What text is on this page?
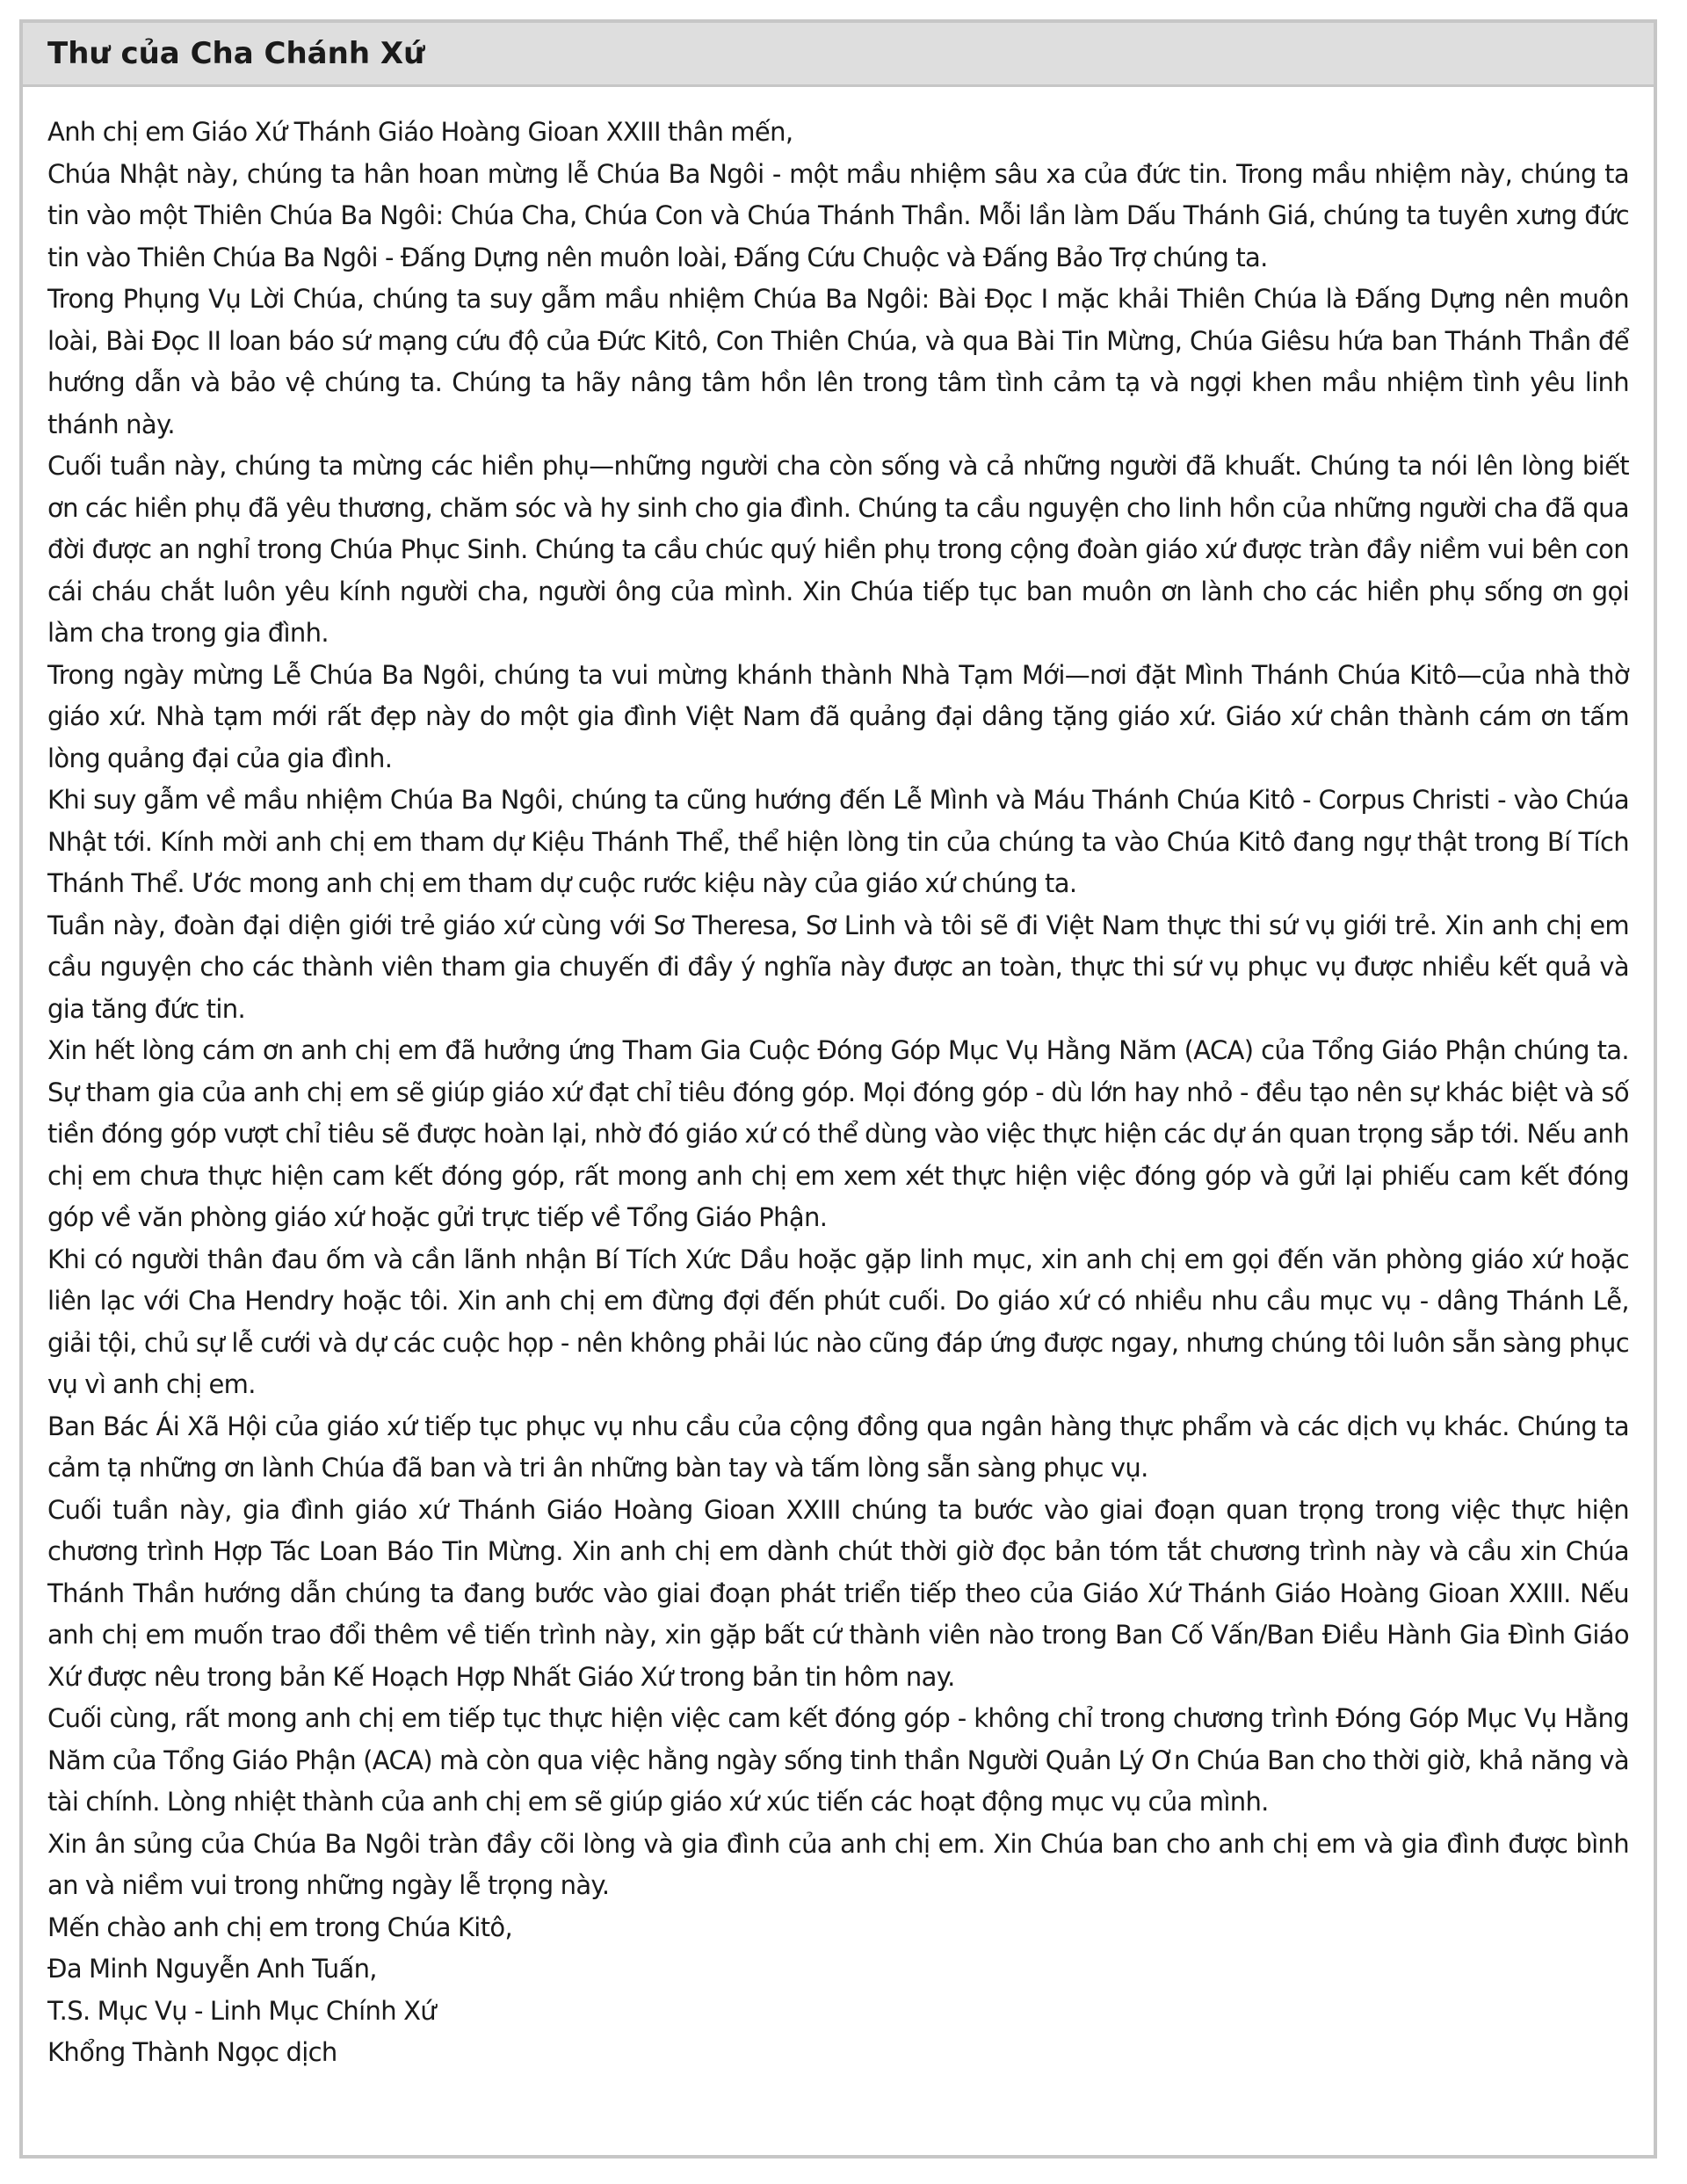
Thư của Cha Chánh Xứ

Anh chị em Giáo Xứ Thánh Giáo Hoàng Gioan XXIII thân mến,

Chúa Nhật này, chúng ta hân hoan mừng lễ Chúa Ba Ngôi - một mầu nhiệm sâu xa của đức tin. Trong mầu nhiệm này, chúng ta tin vào một Thiên Chúa Ba Ngôi: Chúa Cha, Chúa Con và Chúa Thánh Thần. Mỗi lần làm Dấu Thánh Giá, chúng ta tuyên xưng đức tin vào Thiên Chúa Ba Ngôi - Đấng Dựng nên muôn loài, Đấng Cứu Chuộc và Đấng Bảo Trợ chúng ta.

Trong Phụng Vụ Lời Chúa, chúng ta suy gẫm mầu nhiệm Chúa Ba Ngôi: Bài Đọc I mặc khải Thiên Chúa là Đấng Dựng nên muôn loài, Bài Đọc II loan báo sứ mạng cứu độ của Đức Kitô, Con Thiên Chúa, và qua Bài Tin Mừng, Chúa Giêsu hứa ban Thánh Thần để hướng dẫn và bảo vệ chúng ta. Chúng ta hãy nâng tâm hồn lên trong tâm tình cảm tạ và ngợi khen mầu nhiệm tình yêu linh thánh này.

Cuối tuần này, chúng ta mừng các hiền phụ—những người cha còn sống và cả những người đã khuất. Chúng ta nói lên lòng biết ơn các hiền phụ đã yêu thương, chăm sóc và hy sinh cho gia đình. Chúng ta cầu nguyện cho linh hồn của những người cha đã qua đời được an nghỉ trong Chúa Phục Sinh. Chúng ta cầu chúc quý hiền phụ trong cộng đoàn giáo xứ được tràn đầy niềm vui bên con cái cháu chắt luôn yêu kính người cha, người ông của mình. Xin Chúa tiếp tục ban muôn ơn lành cho các hiền phụ sống ơn gọi làm cha trong gia đình.

Trong ngày mừng Lễ Chúa Ba Ngôi, chúng ta vui mừng khánh thành Nhà Tạm Mới—nơi đặt Mình Thánh Chúa Kitô—của nhà thờ giáo xứ. Nhà tạm mới rất đẹp này do một gia đình Việt Nam đã quảng đại dâng tặng giáo xứ. Giáo xứ chân thành cám ơn tấm lòng quảng đại của gia đình.

Khi suy gẫm về mầu nhiệm Chúa Ba Ngôi, chúng ta cũng hướng đến Lễ Mình và Máu Thánh Chúa Kitô - Corpus Christi - vào Chúa Nhật tới. Kính mời anh chị em tham dự Kiệu Thánh Thể, thể hiện lòng tin của chúng ta vào Chúa Kitô đang ngự thật trong Bí Tích Thánh Thể. Ước mong anh chị em tham dự cuộc rước kiệu này của giáo xứ chúng ta.

Tuần này, đoàn đại diện giới trẻ giáo xứ cùng với Sơ Theresa, Sơ Linh và tôi sẽ đi Việt Nam thực thi sứ vụ giới trẻ. Xin anh chị em cầu nguyện cho các thành viên tham gia chuyến đi đầy ý nghĩa này được an toàn, thực thi sứ vụ phục vụ được nhiều kết quả và gia tăng đức tin.

Xin hết lòng cám ơn anh chị em đã hưởng ứng Tham Gia Cuộc Đóng Góp Mục Vụ Hằng Năm (ACA) của Tổng Giáo Phận chúng ta. Sự tham gia của anh chị em sẽ giúp giáo xứ đạt chỉ tiêu đóng góp. Mọi đóng góp - dù lớn hay nhỏ - đều tạo nên sự khác biệt và số tiền đóng góp vượt chỉ tiêu sẽ được hoàn lại, nhờ đó giáo xứ có thể dùng vào việc thực hiện các dự án quan trọng sắp tới. Nếu anh chị em chưa thực hiện cam kết đóng góp, rất mong anh chị em xem xét thực hiện việc đóng góp và gửi lại phiếu cam kết đóng góp về văn phòng giáo xứ hoặc gửi trực tiếp về Tổng Giáo Phận.

Khi có người thân đau ốm và cần lãnh nhận Bí Tích Xức Dầu hoặc gặp linh mục, xin anh chị em gọi đến văn phòng giáo xứ hoặc liên lạc với Cha Hendry hoặc tôi. Xin anh chị em đừng đợi đến phút cuối. Do giáo xứ có nhiều nhu cầu mục vụ - dâng Thánh Lễ, giải tội, chủ sự lễ cưới và dự các cuộc họp - nên không phải lúc nào cũng đáp ứng được ngay, nhưng chúng tôi luôn sẵn sàng phục vụ vì anh chị em.

Ban Bác Ái Xã Hội của giáo xứ tiếp tục phục vụ nhu cầu của cộng đồng qua ngân hàng thực phẩm và các dịch vụ khác. Chúng ta cảm tạ những ơn lành Chúa đã ban và tri ân những bàn tay và tấm lòng sẵn sàng phục vụ.

Cuối tuần này, gia đình giáo xứ Thánh Giáo Hoàng Gioan XXIII chúng ta bước vào giai đoạn quan trọng trong việc thực hiện chương trình Hợp Tác Loan Báo Tin Mừng. Xin anh chị em dành chút thời giờ đọc bản tóm tắt chương trình này và cầu xin Chúa Thánh Thần hướng dẫn chúng ta đang bước vào giai đoạn phát triển tiếp theo của Giáo Xứ Thánh Giáo Hoàng Gioan XXIII. Nếu anh chị em muốn trao đổi thêm về tiến trình này, xin gặp bất cứ thành viên nào trong Ban Cố Vấn/Ban Điều Hành Gia Đình Giáo Xứ được nêu trong bản Kế Hoạch Hợp Nhất Giáo Xứ trong bản tin hôm nay.

Cuối cùng, rất mong anh chị em tiếp tục thực hiện việc cam kết đóng góp - không chỉ trong chương trình Đóng Góp Mục Vụ Hằng Năm của Tổng Giáo Phận (ACA) mà còn qua việc hằng ngày sống tinh thần Người Quản Lý Ơn Chúa Ban cho thời giờ, khả năng và tài chính. Lòng nhiệt thành của anh chị em sẽ giúp giáo xứ xúc tiến các hoạt động mục vụ của mình.

Xin ân sủng của Chúa Ba Ngôi tràn đầy cõi lòng và gia đình của anh chị em. Xin Chúa ban cho anh chị em và gia đình được bình an và niềm vui trong những ngày lễ trọng này.

Mến chào anh chị em trong Chúa Kitô,

Đa Minh Nguyễn Anh Tuấn,

T.S. Mục Vụ - Linh Mục Chính Xứ

Khổng Thành Ngọc dịch
